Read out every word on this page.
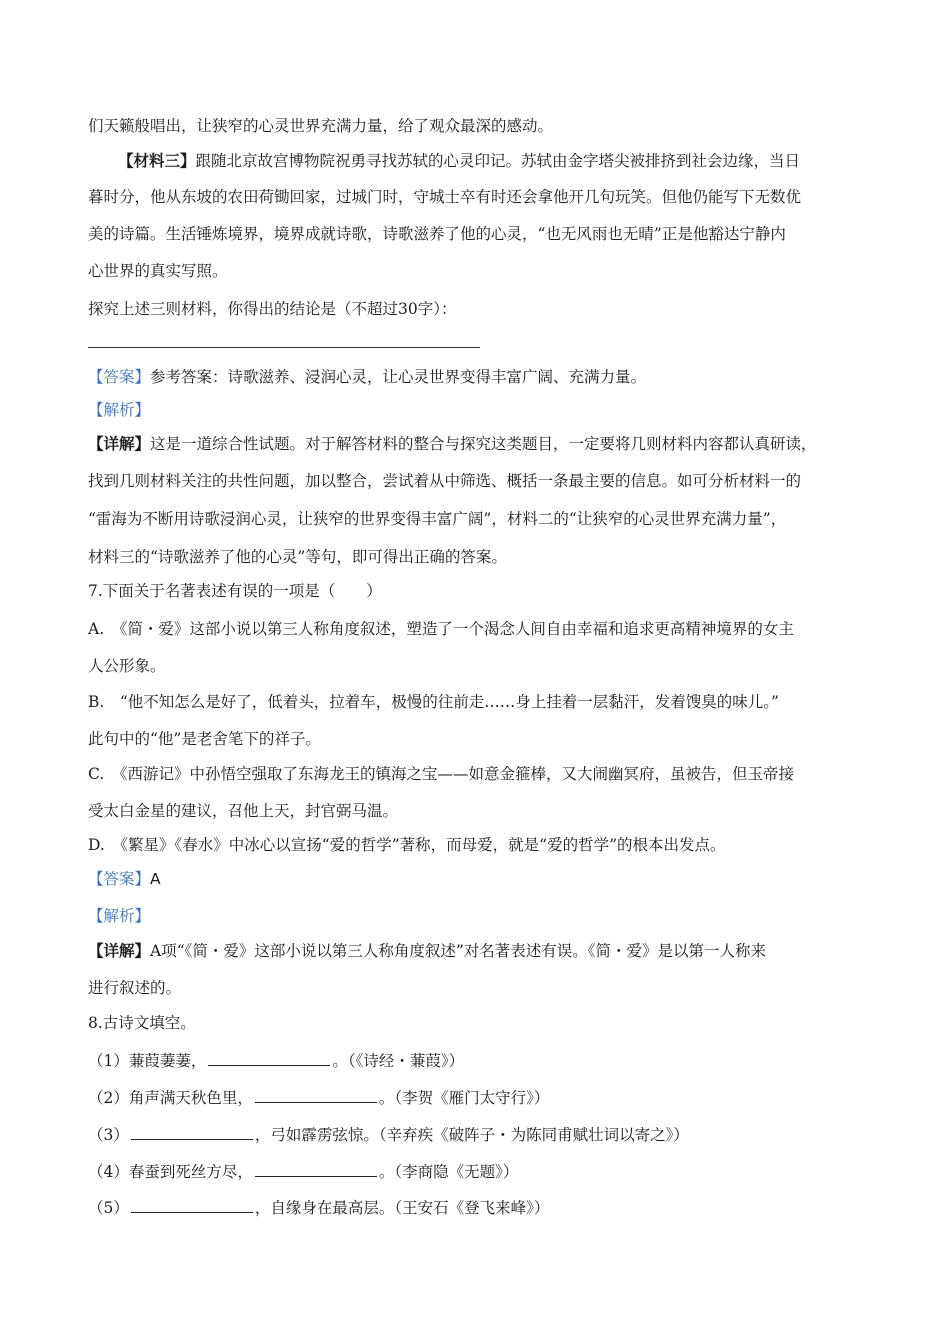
们天籁般唱出，让狭窄的心灵世界充满力量，给了观众最深的感动。
【材料三】跟随北京故宫博物院祝勇寻找苏轼的心灵印记。苏轼由金字塔尖被排挤到社会边缘，当日
暮时分，他从东坡的农田荷锄回家，过城门时，守城士卒有时还会拿他开几句玩笑。但他仍能写下无数优
美的诗篇。生活锤炼境界，境界成就诗歌，诗歌滋养了他的心灵，“也无风雨也无晴”正是他豁达宁静内
心世界的真实写照。
探究上述三则材料，你得出的结论是（不超过30字）：
【答案】参考答案：诗歌滋养、浸润心灵，让心灵世界变得丰富广阔、充满力量。
【解析】
【详解】这是一道综合性试题。对于解答材料的整合与探究这类题目，一定要将几则材料内容都认真研读，
找到几则材料关注的共性问题，加以整合，尝试着从中筛选、概括一条最主要的信息。如可分析材料一的
“雷海为不断用诗歌浸润心灵，让狭窄的世界变得丰富广阔”，材料二的“让狭窄的心灵世界充满力量”，
材料三的“诗歌滋养了他的心灵”等句，即可得出正确的答案。
7.下面关于名著表述有误的一项是（　　）
A.　《简・爱》这部小说以第三人称角度叙述，塑造了一个渴念人间自由幸福和追求更高精神境界的女主
人公形象。
B.　“他不知怎么是好了，低着头，拉着车，极慢的往前走……身上挂着一层黏汗，发着馊臭的味儿。”
此句中的“他”是老舍笔下的祥子。
C.　《西游记》中孙悟空强取了东海龙王的镇海之宝——如意金箍棒，又大闹幽冥府，虽被告，但玉帝接
受太白金星的建议，召他上天，封官弼马温。
D.　《繁星》《春水》中冰心以宣扬“爱的哲学”著称，而母爱，就是“爱的哲学”的根本出发点。
【答案】A
【解析】
【详解】A项“《简・爱》这部小说以第三人称角度叙述”对名著表述有误。《简・爱》是以第一人称来
进行叙述的。
8.古诗文填空。
（1）蒹葭萋萋，	。（《诗经・蒹葭》）
（2）角声满天秋色里，	。（李贺《雁门太守行》）
（3）	，弓如霹雳弦惊。（辛弃疾《破阵子・为陈同甫赋壮词以寄之》）
（4）春蚕到死丝方尽，	。（李商隐《无题》）
（5）	，自缘身在最高层。（王安石《登飞来峰》）
